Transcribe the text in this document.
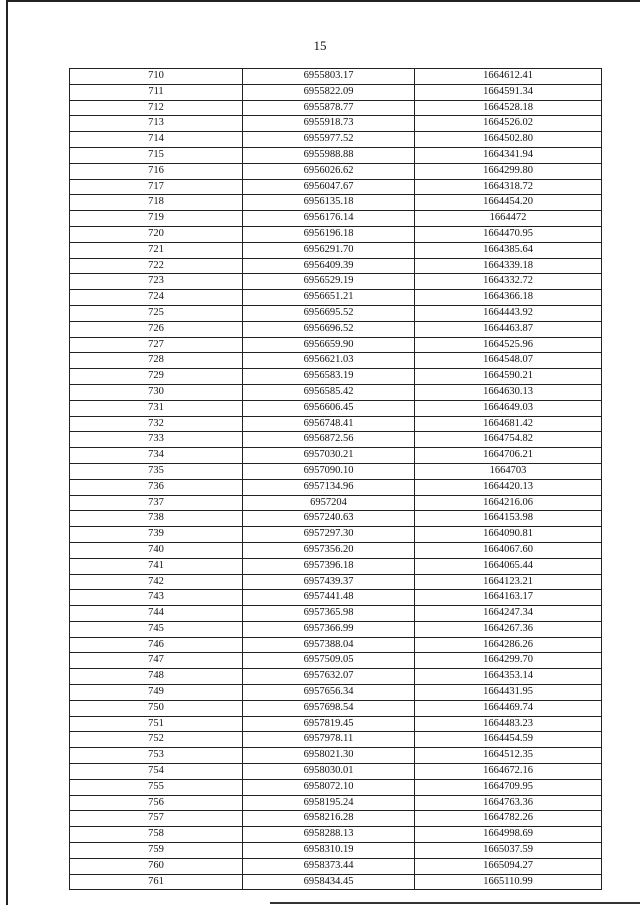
15
710	6955803.17	1664612.41
711	6955822.09	1664591.34
712	6955878.77	1664528.18
713	6955918.73	1664526.02
714	6955977.52	1664502.80
715	6955988.88	1664341.94
716	6956026.62	1664299.80
717	6956047.67	1664318.72
718	6956135.18	1664454.20
719	6956176.14	1664472
720	6956196.18	1664470.95
721	6956291.70	1664385.64
722	6956409.39	1664339.18
723	6956529.19	1664332.72
724	6956651.21	1664366.18
725	6956695.52	1664443.92
726	6956696.52	1664463.87
727	6956659.90	1664525.96
728	6956621.03	1664548.07
729	6956583.19	1664590.21
730	6956585.42	1664630.13
731	6956606.45	1664649.03
732	6956748.41	1664681.42
733	6956872.56	1664754.82
734	6957030.21	1664706.21
735	6957090.10	1664703
736	6957134.96	1664420.13
737	6957204	1664216.06
738	6957240.63	1664153.98
739	6957297.30	1664090.81
740	6957356.20	1664067.60
741	6957396.18	1664065.44
742	6957439.37	1664123.21
743	6957441.48	1664163.17
744	6957365.98	1664247.34
745	6957366.99	1664267.36
746	6957388.04	1664286.26
747	6957509.05	1664299.70
748	6957632.07	1664353.14
749	6957656.34	1664431.95
750	6957698.54	1664469.74
751	6957819.45	1664483.23
752	6957978.11	1664454.59
753	6958021.30	1664512.35
754	6958030.01	1664672.16
755	6958072.10	1664709.95
756	6958195.24	1664763.36
757	6958216.28	1664782.26
758	6958288.13	1664998.69
759	6958310.19	1665037.59
760	6958373.44	1665094.27
761	6958434.45	1665110.99
